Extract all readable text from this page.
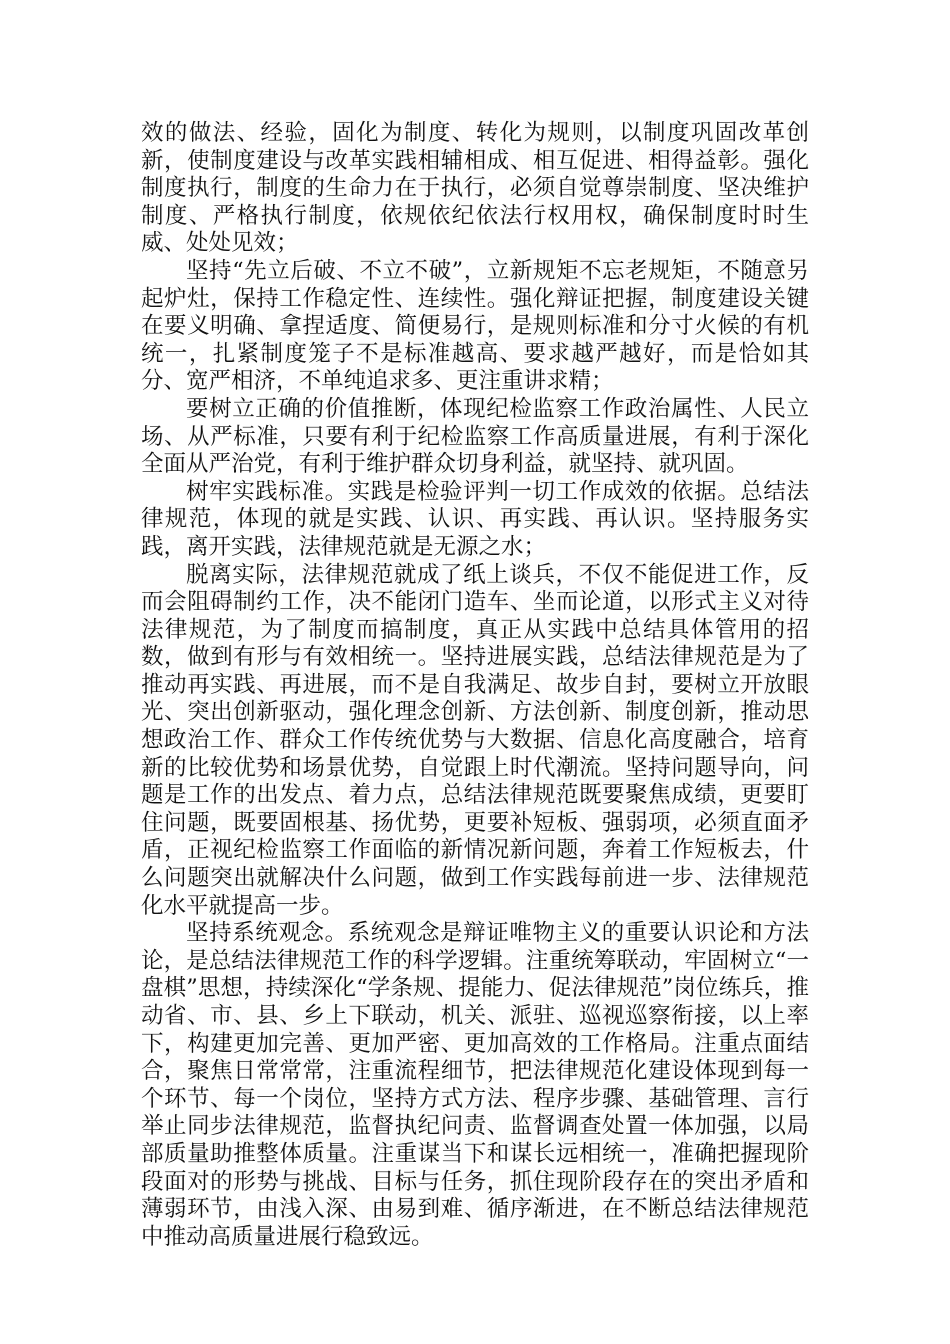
效的做法、经验，固化为制度、转化为规则，以制度巩固改革创新，使制度建设与改革实践相辅相成、相互促进、相得益彰。强化制度执行，制度的生命力在于执行，必须自觉尊崇制度、坚决维护制度、严格执行制度，依规依纪依法行权用权，确保制度时时生威、处处见效；

坚持“先立后破、不立不破”，立新规矩不忘老规矩，不随意另起炉灶，保持工作稳定性、连续性。强化辩证把握，制度建设关键在要义明确、拿捏适度、简便易行，是规则标准和分寸火候的有机统一，扎紧制度笼子不是标准越高、要求越严越好，而是恰如其分、宽严相济，不单纯追求多、更注重讲求精；

要树立正确的价值推断，体现纪检监察工作政治属性、人民立场、从严标准，只要有利于纪检监察工作高质量进展，有利于深化全面从严治党，有利于维护群众切身利益，就坚持、就巩固。

树牢实践标准。实践是检验评判一切工作成效的依据。总结法律规范，体现的就是实践、认识、再实践、再认识。坚持服务实践，离开实践，法律规范就是无源之水；

脱离实际，法律规范就成了纸上谈兵，不仅不能促进工作，反而会阻碍制约工作，决不能闭门造车、坐而论道，以形式主义对待法律规范，为了制度而搞制度，真正从实践中总结具体管用的招数，做到有形与有效相统一。坚持进展实践，总结法律规范是为了推动再实践、再进展，而不是自我满足、故步自封，要树立开放眼光、突出创新驱动，强化理念创新、方法创新、制度创新，推动思想政治工作、群众工作传统优势与大数据、信息化高度融合，培育新的比较优势和场景优势，自觉跟上时代潮流。坚持问题导向，问题是工作的出发点、着力点，总结法律规范既要聚焦成绩，更要盯住问题，既要固根基、扬优势，更要补短板、强弱项，必须直面矛盾，正视纪检监察工作面临的新情况新问题，奔着工作短板去，什么问题突出就解决什么问题，做到工作实践每前进一步、法律规范化水平就提高一步。

坚持系统观念。系统观念是辩证唯物主义的重要认识论和方法论，是总结法律规范工作的科学逻辑。注重统筹联动，牢固树立“一盘棋”思想，持续深化“学条规、提能力、促法律规范”岗位练兵，推动省、市、县、乡上下联动，机关、派驻、巡视巡察衔接，以上率下，构建更加完善、更加严密、更加高效的工作格局。注重点面结合，聚焦日常常常，注重流程细节，把法律规范化建设体现到每一个环节、每一个岗位，坚持方式方法、程序步骤、基础管理、言行举止同步法律规范，监督执纪问责、监督调查处置一体加强，以局部质量助推整体质量。注重谋当下和谋长远相统一，准确把握现阶段面对的形势与挑战、目标与任务，抓住现阶段存在的突出矛盾和薄弱环节，由浅入深、由易到难、循序渐进，在不断总结法律规范中推动高质量进展行稳致远。
